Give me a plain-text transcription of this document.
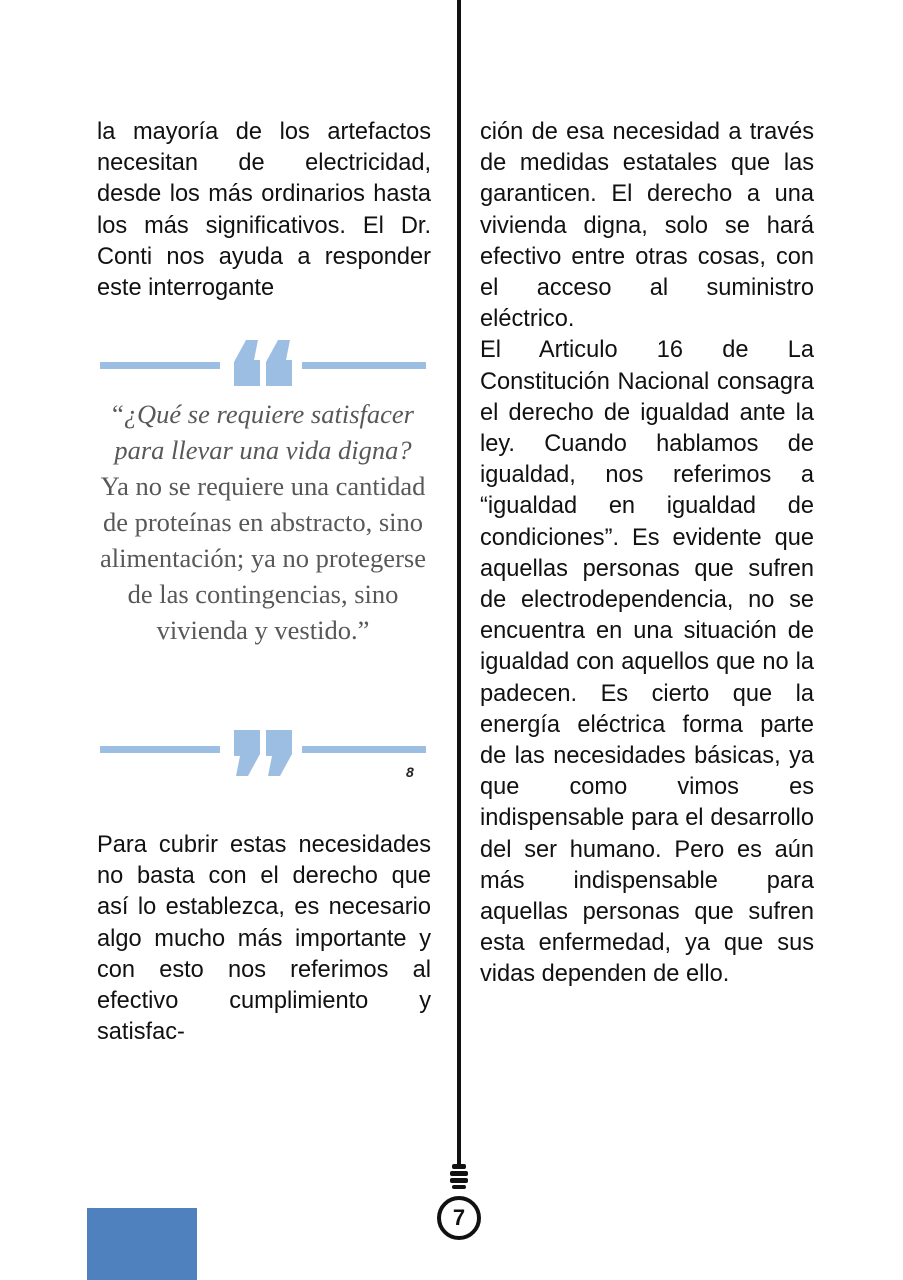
la mayoría de los artefactos necesitan de electricidad, desde los más ordinarios hasta los más significativos. El Dr. Conti nos ayuda a responder este interrogante

“¿Qué se requiere satisfacer para llevar una vida digna? Ya no se requiere una cantidad de proteínas en abstracto, sino alimentación; ya no protegerse de las contingencias, sino vivienda y vestido.”
8

Para cubrir estas necesidades no basta con el derecho que así lo establezca, es necesario algo mucho más importante y con esto nos referimos al efectivo cumplimiento y satisfac-

ción de esa necesidad a través de medidas estatales que las garanticen. El derecho a una vivienda digna, solo se hará efectivo entre otras cosas, con el acceso al suministro eléctrico.

El Articulo 16 de La Constitución Nacional consagra el derecho de igualdad ante la ley. Cuando hablamos de igualdad, nos referimos a “igualdad en igualdad de condiciones”. Es evidente que aquellas personas que sufren de electrodependencia, no se encuentra en una situación de igualdad con aquellos que no la padecen. Es cierto que la energía eléctrica forma parte de las necesidades básicas, ya que como vimos es indispensable para el desarrollo del ser humano. Pero es aún más indispensable para aquellas personas que sufren esta enfermedad, ya que sus vidas dependen de ello.

7
